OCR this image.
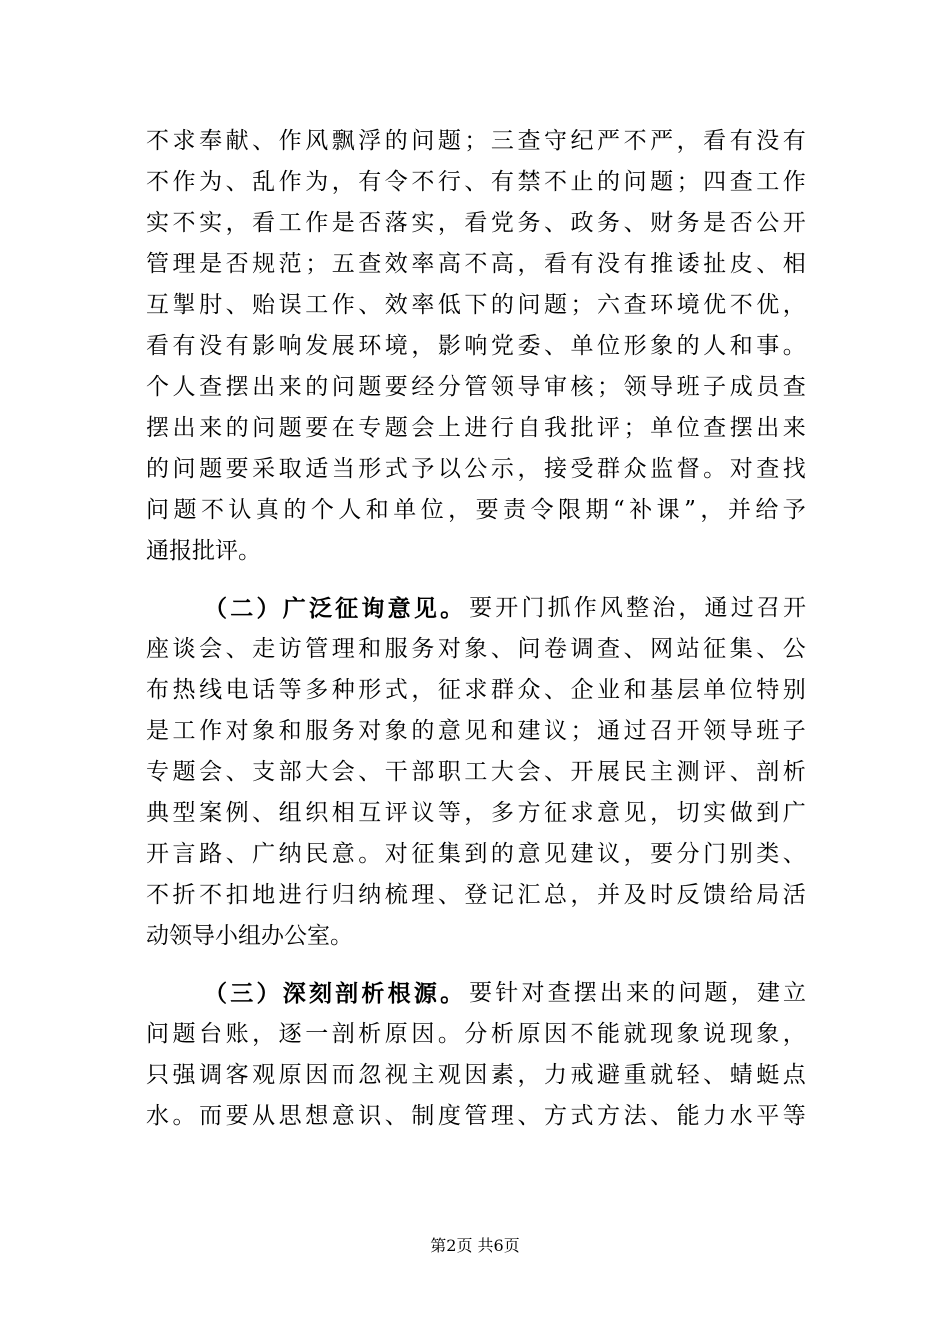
不 求 奉 献 、 作 风 飘 浮 的 问 题 ； 三 查 守 纪 严 不 严 ， 看 有 没 有
不 作 为 、 乱 作 为 ， 有 令 不 行 、 有 禁 不 止 的 问 题 ； 四 查 工 作
实 不 实 ， 看 工 作 是 否 落 实 ， 看 党 务 、 政 务 、 财 务 是 否 公 开
管 理 是 否 规 范 ； 五 查 效 率 高 不 高 ， 看 有 没 有 推 诿 扯 皮 、 相
互 掣 肘 、 贻 误 工 作 、 效 率 低 下 的 问 题 ； 六 查 环 境 优 不 优 ，
看 有 没 有 影 响 发 展 环 境 ， 影 响 党 委 、 单 位 形 象 的 人 和 事 。
个 人 查 摆 出 来 的 问 题 要 经 分 管 领 导 审 核 ； 领 导 班 子 成 员 查
摆 出 来 的 问 题 要 在 专 题 会 上 进 行 自 我 批 评 ； 单 位 查 摆 出 来
的 问 题 要 采 取 适 当 形 式 予 以 公 示 ， 接 受 群 众 监 督 。 对 查 找
问 题 不 认 真 的 个 人 和 单 位 ， 要 责 令 限 期 “ 补 课 ” ， 并 给 予
通报批评。
（ 二 ） 广 泛 征 询 意 见 。 要 开 门 抓 作 风 整 治 ， 通 过 召 开
座 谈 会 、 走 访 管 理 和 服 务 对 象 、 问 卷 调 查 、 网 站 征 集 、 公
布 热 线 电 话 等 多 种 形 式 ， 征 求 群 众 、 企 业 和 基 层 单 位 特 别
是 工 作 对 象 和 服 务 对 象 的 意 见 和 建 议 ； 通 过 召 开 领 导 班 子
专 题 会 、 支 部 大 会 、 干 部 职 工 大 会 、 开 展 民 主 测 评 、 剖 析
典 型 案 例 、 组 织 相 互 评 议 等 ， 多 方 征 求 意 见 ， 切 实 做 到 广
开 言 路 、 广 纳 民 意 。 对 征 集 到 的 意 见 建 议 ， 要 分 门 别 类 、
不 折 不 扣 地 进 行 归 纳 梳 理 、 登 记 汇 总 ， 并 及 时 反 馈 给 局 活
动领导小组办公室。
（ 三 ） 深 刻 剖 析 根 源 。 要 针 对 查 摆 出 来 的 问 题 ， 建 立
问 题 台 账 ， 逐 一 剖 析 原 因 。 分 析 原 因 不 能 就 现 象 说 现 象 ，
只 强 调 客 观 原 因 而 忽 视 主 观 因 素 ， 力 戒 避 重 就 轻 、 蜻 蜓 点
水 。 而 要 从 思 想 意 识 、 制 度 管 理 、 方 式 方 法 、 能 力 水 平 等
第2页 共6页
